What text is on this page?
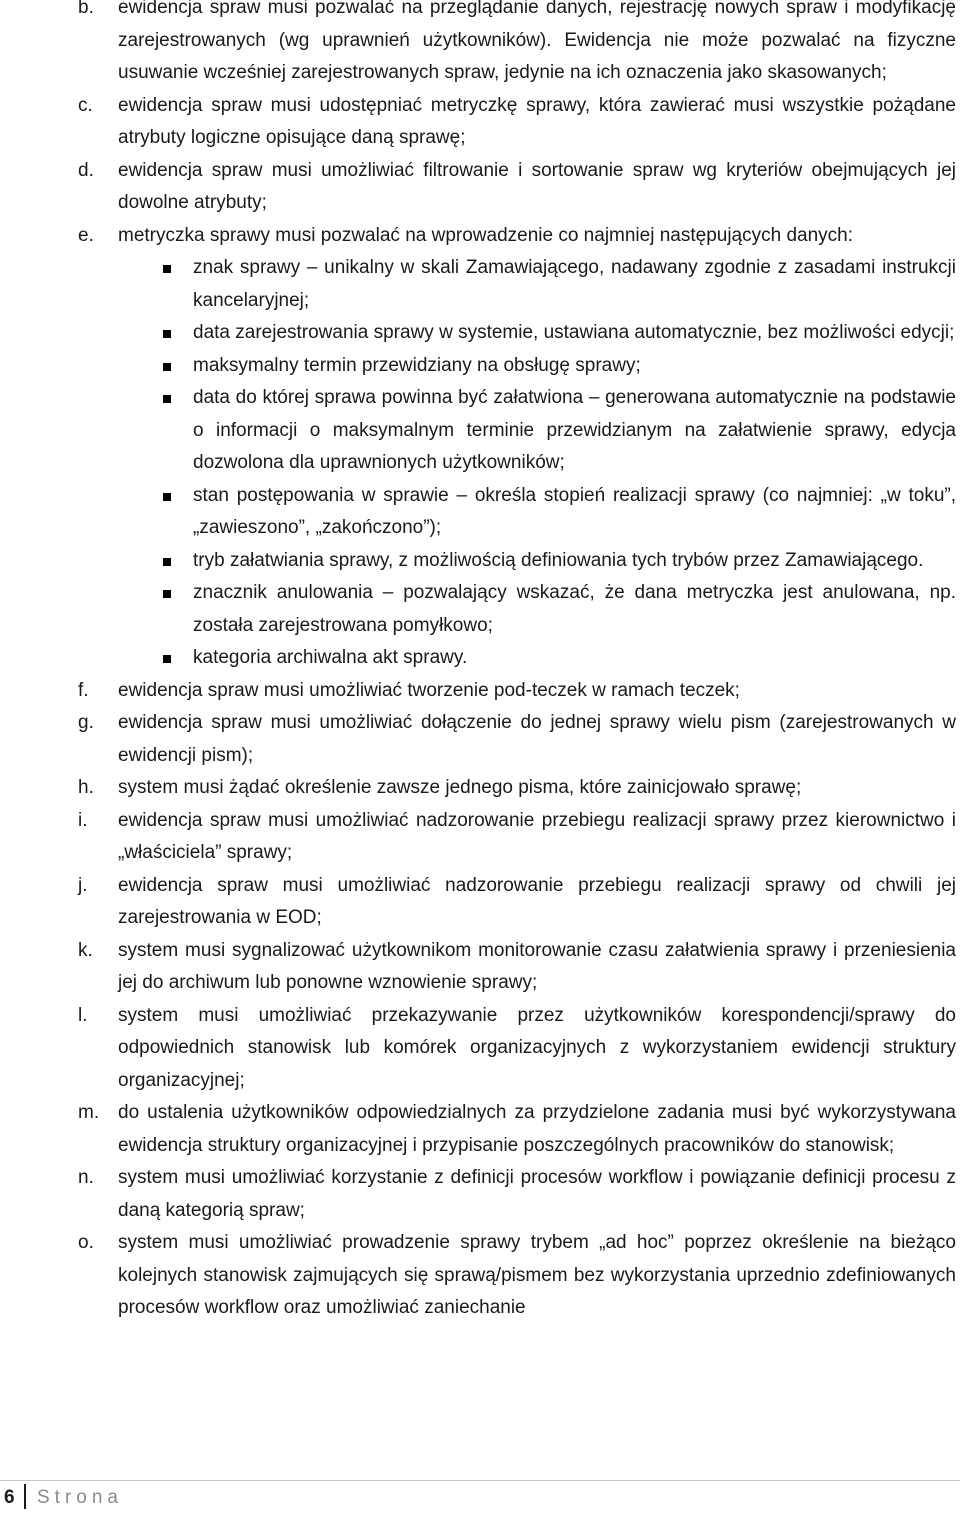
b.	ewidencja spraw musi pozwalać na przeglądanie danych, rejestrację nowych spraw i modyfikację zarejestrowanych (wg uprawnień użytkowników). Ewidencja nie może pozwalać na fizyczne usuwanie wcześniej zarejestrowanych spraw, jedynie na ich oznaczenia jako skasowanych;
c.	ewidencja spraw musi udostępniać metryczkę sprawy, która zawierać musi wszystkie pożądane atrybuty logiczne opisujące daną sprawę;
d.	ewidencja spraw musi umożliwiać filtrowanie i sortowanie spraw wg kryteriów obejmujących jej dowolne atrybuty;
e.	metryczka sprawy musi pozwalać na wprowadzenie co najmniej następujących danych:
znak sprawy – unikalny w skali Zamawiającego, nadawany zgodnie z zasadami instrukcji kancelaryjnej;
data zarejestrowania sprawy w systemie, ustawiana automatycznie, bez możliwości edycji;
maksymalny termin przewidziany na obsługę sprawy;
data do której sprawa powinna być załatwiona – generowana automatycznie na podstawie o informacji o maksymalnym terminie przewidzianym na załatwienie sprawy, edycja dozwolona dla uprawnionych użytkowników;
stan postępowania w sprawie – określa stopień realizacji sprawy (co najmniej: „w toku”, „zawieszono”, „zakończono”);
tryb załatwiania sprawy, z możliwością definiowania tych trybów przez Zamawiającego.
znacznik anulowania – pozwalający wskazać, że dana metryczka jest anulowana, np. została zarejestrowana pomyłkowo;
kategoria archiwalna akt sprawy.
f.	ewidencja spraw musi umożliwiać tworzenie pod-teczek w ramach teczek;
g.	ewidencja spraw musi umożliwiać dołączenie do jednej sprawy wielu pism (zarejestrowanych w ewidencji pism);
h.	system musi żądać określenie zawsze jednego pisma, które zainicjowało sprawę;
i.	ewidencja spraw musi umożliwiać nadzorowanie przebiegu realizacji sprawy przez kierownictwo i „właściciela” sprawy;
j.	ewidencja spraw musi umożliwiać nadzorowanie przebiegu realizacji sprawy od chwili jej zarejestrowania w EOD;
k.	system musi sygnalizować użytkownikom monitorowanie czasu załatwienia sprawy i przeniesienia jej do archiwum lub ponowne wznowienie sprawy;
l.	system musi umożliwiać przekazywanie przez użytkowników korespondencji/sprawy do odpowiednich stanowisk lub komórek organizacyjnych z wykorzystaniem ewidencji struktury organizacyjnej;
m. do ustalenia użytkowników odpowiedzialnych za przydzielone zadania musi być wykorzystywana ewidencja struktury organizacyjnej i przypisanie poszczególnych pracowników do stanowisk;
n.	system musi umożliwiać korzystanie z definicji procesów workflow i powiązanie definicji procesu z daną kategorią spraw;
o.	system musi umożliwiać prowadzenie sprawy trybem „ad hoc” poprzez określenie na bieżąco kolejnych stanowisk zajmujących się sprawą/pismem bez wykorzystania uprzednio zdefiniowanych procesów workflow oraz umożliwiać zaniechanie
6 Strona
